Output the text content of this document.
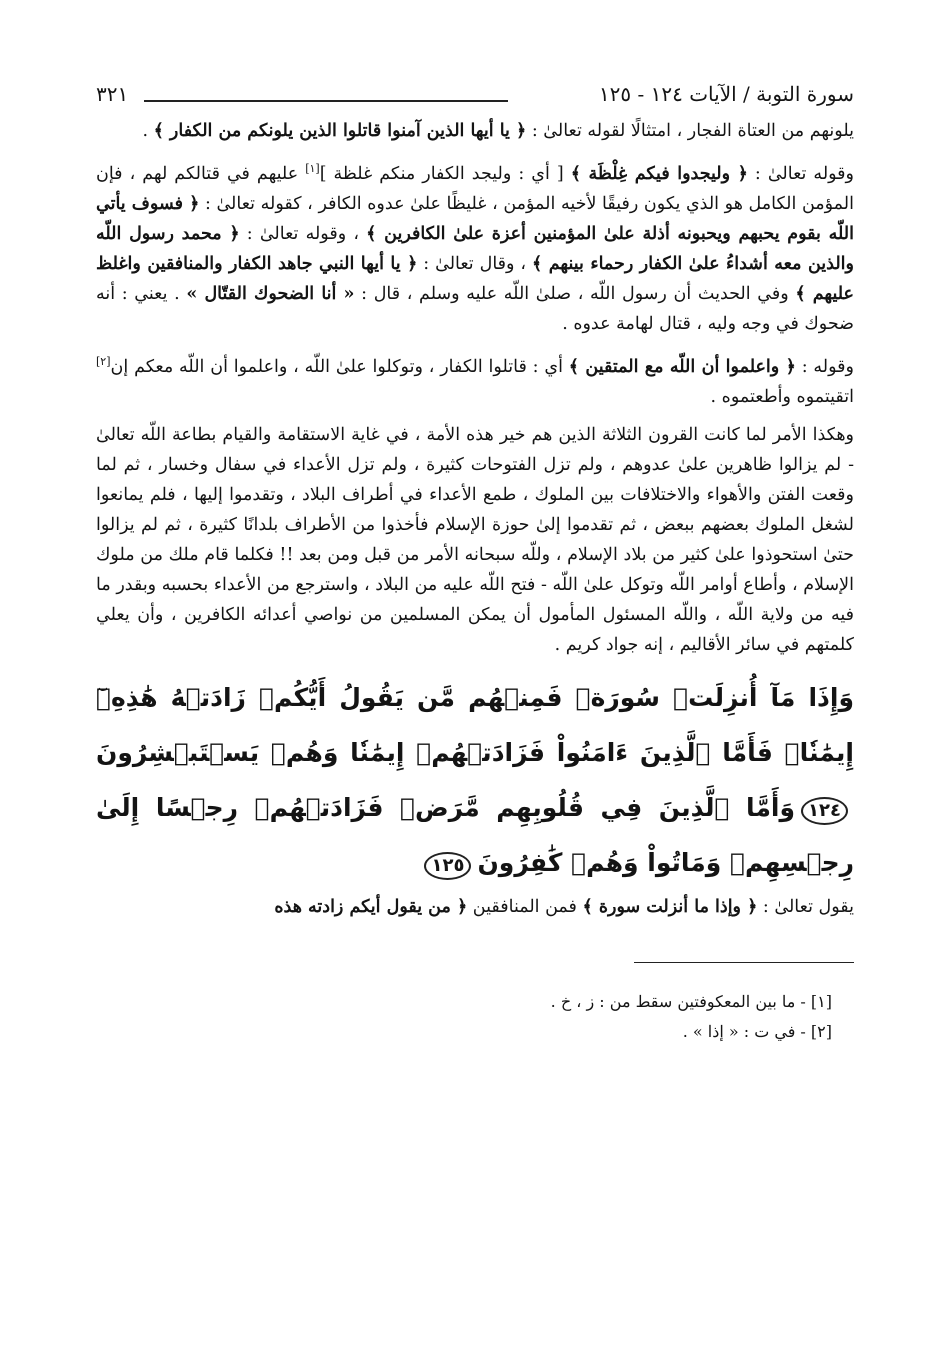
سورة التوبة / الآيات ١٢٤ - ١٢٥
٣٢١

يلونهم من العتاة الفجار ، امتثالًا لقوله تعالىٰ : ﴿ يا أيها الذين آمنوا قاتلوا الذين يلونكم من الكفار ﴾ .

وقوله تعالىٰ : ﴿ وليجدوا فيكم غِلْظَة ﴾ [ أي : وليجد الكفار منكم غلظة ][١] عليهم في قتالكم لهم ، فإن المؤمن الكامل هو الذي يكون رفيقًا لأخيه المؤمن ، غليظًا علىٰ عدوه الكافر ، كقوله تعالىٰ : ﴿ فسوف يأتي اللّه بقوم يحبهم ويحبونه أذلة علىٰ المؤمنين أعزة علىٰ الكافرين ﴾ ، وقوله تعالىٰ : ﴿ محمد رسول اللّه والذين معه أشداءُ علىٰ الكفار رحماء بينهم ﴾ ، وقال تعالىٰ : ﴿ يا أيها النبي جاهد الكفار والمنافقين واغلظ عليهم ﴾ وفي الحديث أن رسول اللّه ، صلىٰ اللّه عليه وسلم ، قال : « أنا الضحوك القتّال » . يعني : أنه ضحوك في وجه وليه ، قتال لهامة عدوه .

وقوله : ﴿ واعلموا أن اللّه مع المتقين ﴾ أي : قاتلوا الكفار ، وتوكلوا علىٰ اللّه ، واعلموا أن اللّه معكم إن[٢] اتقيتموه وأطعتموه .

وهكذا الأمر لما كانت القرون الثلاثة الذين هم خير هذه الأمة ، في غاية الاستقامة والقيام بطاعة اللّه تعالىٰ - لم يزالوا ظاهرين علىٰ عدوهم ، ولم تزل الفتوحات كثيرة ، ولم تزل الأعداء في سفال وخسار ، ثم لما وقعت الفتن والأهواء والاختلافات بين الملوك ، طمع الأعداء في أطراف البلاد ، وتقدموا إليها ، فلم يمانعوا لشغل الملوك بعضهم ببعض ، ثم تقدموا إلىٰ حوزة الإسلام فأخذوا من الأطراف بلدانًا كثيرة ، ثم لم يزالوا حتىٰ استحوذوا علىٰ كثير من بلاد الإسلام ، وللّه سبحانه الأمر من قبل ومن بعد !! فكلما قام ملك من ملوك الإسلام ، وأطاع أوامر اللّه وتوكل علىٰ اللّه - فتح اللّه عليه من البلاد ، واسترجع من الأعداء بحسبه وبقدر ما فيه من ولاية اللّه ، واللّه المسئول المأمول أن يمكن المسلمين من نواصي أعدائه الكافرين ، وأن يعلي كلمتهم في سائر الأقاليم ، إنه جواد كريم .

وَإِذَا مَآ أُنزِلَتۡ سُورَةٞ فَمِنۡهُم مَّن يَقُولُ أَيُّكُمۡ زَادَتۡهُ هَٰذِهِۦٓ إِيمَٰنٗاۚ فَأَمَّا ٱلَّذِينَ ءَامَنُواْ فَزَادَتۡهُمۡ إِيمَٰنٗا وَهُمۡ يَسۡتَبۡشِرُونَ١٢٤وَأَمَّا ٱلَّذِينَ فِي قُلُوبِهِم مَّرَضٞ فَزَادَتۡهُمۡ رِجۡسًا إِلَىٰ رِجۡسِهِمۡ وَمَاتُواْ وَهُمۡ كَٰفِرُونَ١٢٥

يقول تعالىٰ : ﴿ وإذا ما أنزلت سورة ﴾ فمن المنافقين ﴿ من يقول أيكم زادته هذه

[١] - ما بين المعكوفتين سقط من : ز ، خ .
[٢] - في ت : « إذا » .
